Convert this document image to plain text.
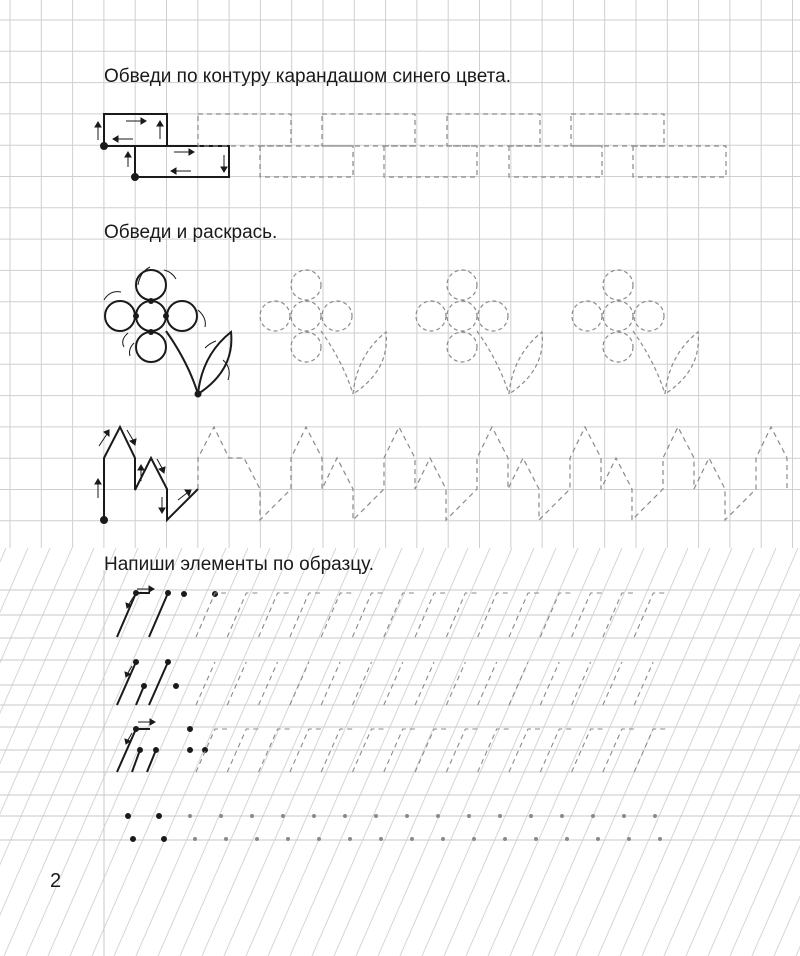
Обведи по контуру карандашом синего цвета.

Обведи и раскрась.

Напиши элементы по образцу.

2
